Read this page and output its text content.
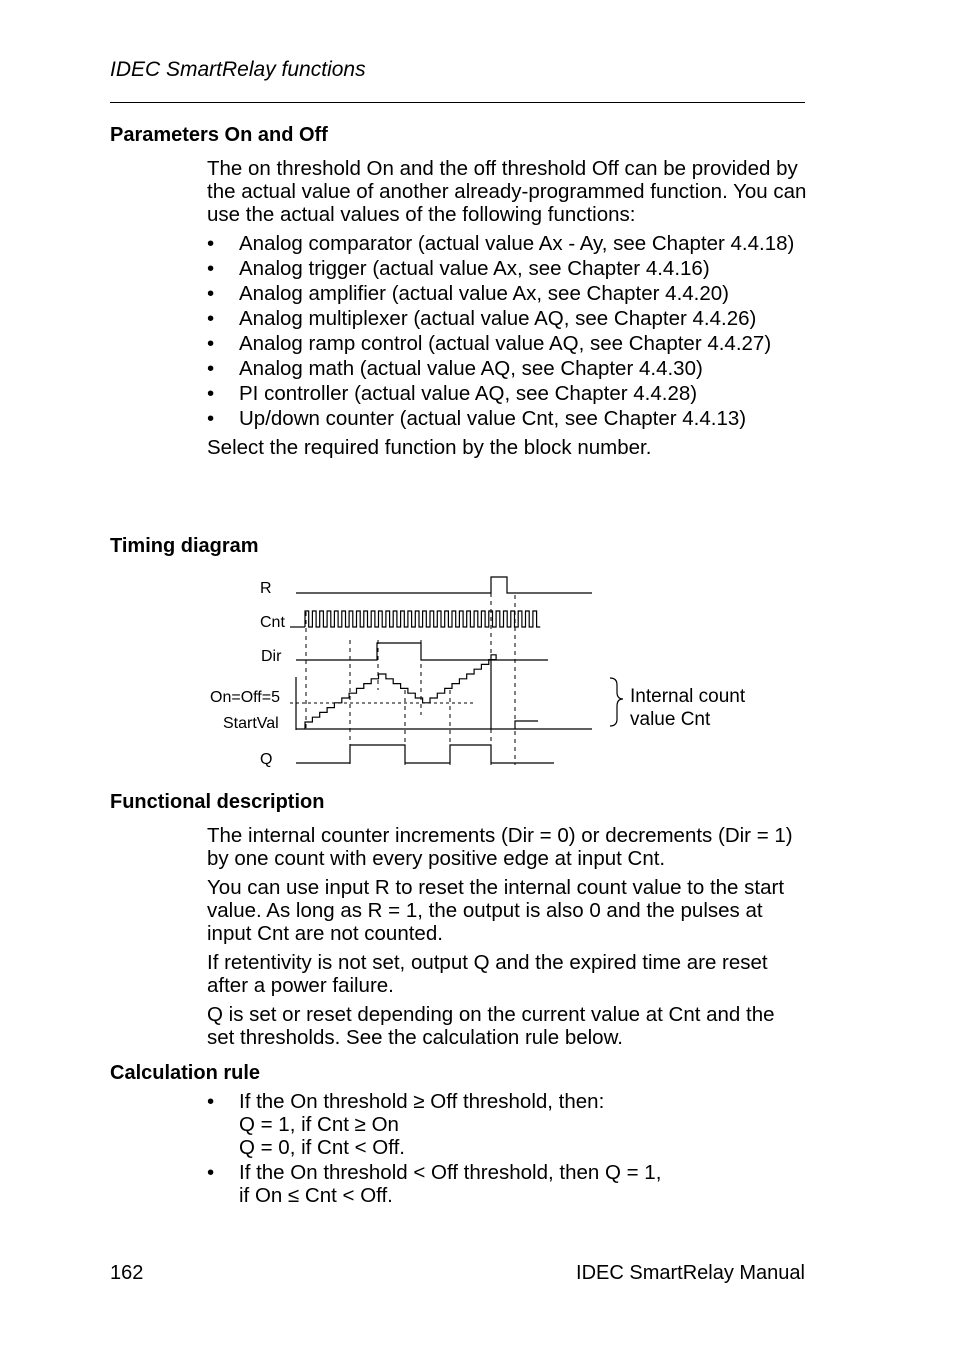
IDEC SmartRelay functions
Parameters On and Off

The on threshold On and the off threshold Off can be provided by the actual value of another already-programmed function. You can use the actual values of the following functions:

• Analog comparator (actual value Ax - Ay, see Chapter 4.4.18)
• Analog trigger (actual value Ax, see Chapter 4.4.16)
• Analog amplifier (actual value Ax, see Chapter 4.4.20)
• Analog multiplexer (actual value AQ, see Chapter 4.4.26)
• Analog ramp control (actual value AQ, see Chapter 4.4.27)
• Analog math (actual value AQ, see Chapter 4.4.30)
• PI controller (actual value AQ, see Chapter 4.4.28)
• Up/down counter (actual value Cnt, see Chapter 4.4.13)

Select the required function by the block number.

Timing diagram
R
Cnt
Dir
On=Off=5
StartVal
Q
Internal count
value Cnt
Functional description

The internal counter increments (Dir = 0) or decrements (Dir = 1) by one count with every positive edge at input Cnt.

You can use input R to reset the internal count value to the start value. As long as R = 1, the output is also 0 and the pulses at input Cnt are not counted.

If retentivity is not set, output Q and the expired time are reset after a power failure.

Q is set or reset depending on the current value at Cnt and the set thresholds. See the calculation rule below.

Calculation rule
• If the On threshold ≥ Off threshold, then:
Q = 1, if Cnt ≥ On
Q = 0, if Cnt < Off.
• If the On threshold < Off threshold, then Q = 1,
if On ≤ Cnt < Off.
162	IDEC SmartRelay Manual
